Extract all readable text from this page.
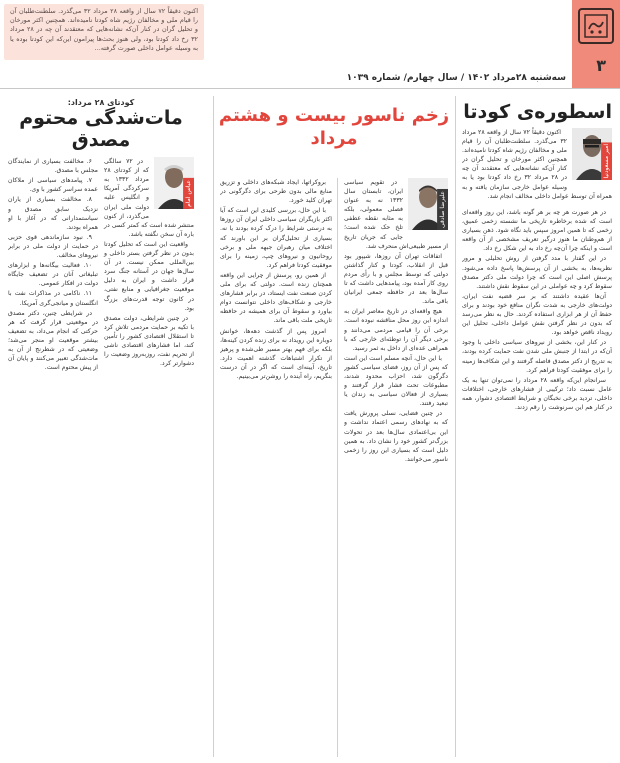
۳
سه‌شنبه ۲۸مرداد ۱۴۰۲ / سال چهارم/ شماره ۱۰۳۹
اکنون دقیقاً ۷۲ سال از واقعه ۲۸ مرداد ۳۲ می‌گذرد. سلطنت‌طلبان آن را قیام ملی و مخالفان رژیم شاه کودتا نامیده‌اند. همچنین اکثر مورخان و تحلیل گران در کنار آن‌که نشانه‌هایی که معتقدند آن چه در ۲۸ مرداد ۳۲ رخ داد کودتا بود، ولی هنوز بحث‌ها پیرامون این‌که این کودتا بوده یا به وسیله عوامل داخلی صورت گرفته...
اسطوره‌ی کودتا
امیر مسعودنیا

اکنون دقیقاً ۷۲ سال از واقعه ۲۸ مرداد ۳۲ می‌گذرد. سلطنت‌طلبان آن را قیام ملی و مخالفان رژیم شاه کودتا نامیده‌اند. همچنین اکثر مورخان و تحلیل گران در کنار آن‌که نشانه‌هایی که معتقدند آن چه در ۲۸ مرداد ۳۲ رخ داد کودتا بود یا به وسیله عوامل خارجی سازمان یافته و به همراه آن توسط عوامل داخلی مخالف انجام شد.

در هر صورت هر چه بر هر گونه باشد، این روز واقعه‌ای است که شده برخاطره تاریخی ما نشسته زخمی عمیق، زخمی که تا همین امروز سپس باید نگاه شود. ذهن بسیاری از هم‌وطنان ما هنوز درگیر تعریف مشخصی از آن واقعه است و اینکه چرا آن‌چه رخ داد به این شکل رخ داد.

در این گفتار با مدد گرفتن از روش تحلیلی و مرور نظریه‌ها، به بخشی از آن پرسش‌ها پاسخ داده می‌شود. پرسش اصلی این است که چرا دولت ملی دکتر مصدق سقوط کرد و چه عواملی در این سقوط نقش داشتند.

آن‌ها عقیده داشتند که بر سر قضیه نفت ایران، دولت‌های خارجی به شدت نگران منافع خود بودند و برای حفظ آن از هر ابزاری استفاده کردند. حال به نظر می‌رسد که بدون در نظر گرفتن نقش عوامل داخلی، تحلیل این رویداد ناقص خواهد بود.

در کنار این، بخشی از نیروهای سیاسی داخلی با وجود آن‌که در ابتدا از جنبش ملی شدن نفت حمایت کرده بودند، به تدریج از دکتر مصدق فاصله گرفتند و این شکاف‌ها زمینه را برای موفقیت کودتا فراهم کرد.

سرانجام این‌که واقعه ۲۸ مرداد را نمی‌توان تنها به یک عامل نسبت داد؛ ترکیبی از فشارهای خارجی، اختلافات داخلی، تردید برخی نخبگان و شرایط اقتصادی دشوار، همه در کنار هم این سرنوشت را رقم زدند.

زخم ناسور بیست و هشتم مرداد
علیرضا صادقی

در تقویم سیاسی ایران، تابستان سال ۱۳۳۲ نه به عنوان فصلی معمولی، بلکه به مثابه نقطه عطفی تلخ حک شده است؛ جایی که جریان تاریخ از مسیر طبیعی‌اش منحرف شد.

اتفاقات تهران آن روزها، شیپور بود قبل از انقلاب، کودتا و کنار گذاشتن دولتی که توسط مجلس و با رأی مردم روی کار آمده بود، پیامدهایی داشت که تا سال‌ها بعد در حافظه جمعی ایرانیان باقی ماند.

هیچ واقعه‌ای در تاریخ معاصر ایران به اندازه این روز محل مناقشه نبوده است. برخی آن را قیامی مردمی می‌دانند و برخی دیگر آن را توطئه‌ای خارجی که با همراهی عده‌ای از داخل به ثمر رسید.

با این حال، آنچه مسلم است این است که پس از آن روز، فضای سیاسی کشور دگرگون شد، احزاب محدود شدند، مطبوعات تحت فشار قرار گرفتند و بسیاری از فعالان سیاسی به زندان یا تبعید رفتند.

در چنین فضایی، نسلی پرورش یافت که به نهادهای رسمی اعتماد نداشت و این بی‌اعتمادی سال‌ها بعد در تحولات بزرگ‌تر کشور خود را نشان داد. به همین دلیل است که بسیاری این روز را زخمی ناسور می‌خوانند.

بروکراتها، ایجاد شبکه‌های داخلی و تزریق منابع مالی بدون طرحی برای دگرگونی در تهران کلید خورد.

با این حال، بررسی کلیدی این است که آیا اکثر بازیگران سیاسی داخلی ایران آن روزها به درستی شرایط را درک کرده بودند یا نه. بسیاری از تحلیل‌گران بر این باورند که اختلاف میان رهبران جبهه ملی و برخی روحانیون و نیروهای چپ، زمینه را برای موفقیت کودتا فراهم کرد.

از همین رو، پرسش از چرایی این واقعه همچنان زنده است. دولتی که برای ملی کردن صنعت نفت ایستاد، در برابر فشارهای خارجی و شکاف‌های داخلی نتوانست دوام بیاورد و سقوط آن برای همیشه در حافظه تاریخی ملت باقی ماند.

امروز پس از گذشت دهه‌ها، خوانش دوباره این رویداد نه برای زنده کردن کینه‌ها، بلکه برای فهم بهتر مسیر طی‌شده و پرهیز از تکرار اشتباهات گذشته اهمیت دارد. تاریخ، آیینه‌ای است که اگر در آن درست بنگریم، راه آینده را روشن‌تر می‌بینیم.

کودتای ۲۸ مرداد:
مات‌شدگی محتوم مصدق
عباس امام

در ۷۲ سالگی که از کودتای ۲۸ مرداد ۱۳۳۲ به سرکردگی آمریکا و انگلیس علیه دولت ملی ایران می‌گذرد، از کنون منتشر شده است که کمتر کسی در باره آن سخن نگفته باشد.

واقعیت این است که تحلیل کودتا بدون در نظر گرفتن بستر داخلی و بین‌المللی ممکن نیست. در آن سال‌ها جهان در آستانه جنگ سرد قرار داشت و ایران به دلیل موقعیت جغرافیایی و منابع نفتی، در کانون توجه قدرت‌های بزرگ بود.

در چنین شرایطی، دولت مصدق با تکیه بر حمایت مردمی تلاش کرد تا استقلال اقتصادی کشور را تأمین کند، اما فشارهای اقتصادی ناشی از تحریم نفت، روزبه‌روز وضعیت را دشوارتر کرد.

۶. مخالفت بسیاری از نمایندگان مجلس با مصدق.

۷. پیامدهای سیاسی از ملاکان عمده سراسر کشور با وی.

۸. مخالفت بسیاری از یاران نزدیک سابق مصدق و سیاستمدارانی که در آغاز با او همراه بودند.

۹. نبود سازماندهی قوی حزبی در حمایت از دولت ملی در برابر نیروهای مخالف.

۱۰. فعالیت بیگانه‌ها و ابزارهای تبلیغاتی آنان در تضعیف جایگاه دولت در افکار عمومی.

۱۱. ناکامی در مذاکرات نفت با انگلستان و میانجی‌گری آمریکا.

در شرایطی چنین، دکتر مصدق در موقعیتی قرار گرفت که هر حرکتی که انجام می‌داد، به تضعیف بیشتر موقعیت او منجر می‌شد؛ وضعیتی که در شطرنج از آن به مات‌شدگی تعبیر می‌کنند و پایان آن از پیش محتوم است.
